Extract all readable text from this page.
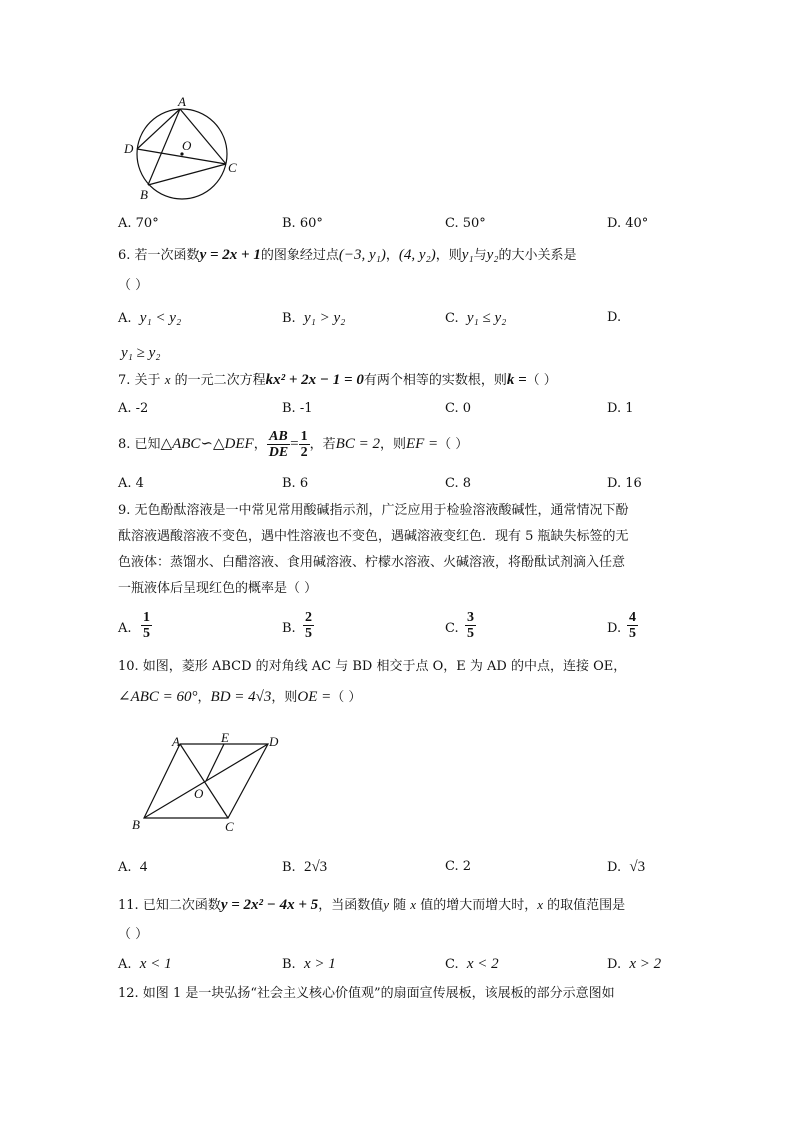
A
D	O
C
B
A. 70°	B. 60°	C. 50°	D. 40°
6. 若一次函数y = 2x + 1的图象经过点(−3, y₁)，(4, y₂)，则y₁与y₂的大小关系是
（ ）
A. y₁ < y₂	B. y₁ > y₂	C. y₁ ≤ y₂	D.
y₁ ≥ y₂
7. 关于 x 的一元二次方程kx² + 2x − 1 = 0有两个相等的实数根，则k =（ ）
A. -2	B. -1	C. 0	D. 1
8. 已知△ABC∽△DEF， $\frac{AB}{DE} = \frac{1}{2}$ ，若BC = 2，则EF =（ ）
A. 4	B. 6	C. 8	D. 16
9. 无色酚酞溶液是一中常见常用酸碱指示剂，广泛应用于检验溶液酸碱性，通常情况下酚
酞溶液遇酸溶液不变色，遇中性溶液也不变色，遇碱溶液变红色．现有 5 瓶缺失标签的无
色液体：蒸馏水、白醋溶液、食用碱溶液、柠檬水溶液、火碱溶液，将酚酞试剂滴入任意
一瓶液体后呈现红色的概率是（ ）
A. $\frac{1}{5}$	B. $\frac{2}{5}$	C. $\frac{3}{5}$	D. $\frac{4}{5}$
10. 如图，菱形 ABCD 的对角线 AC 与 BD 相交于点 O，E 为 AD 的中点，连接 OE，
∠ABC = 60°，BD = 4√3，则OE =（ ）
A	E	D
O
B	C
A. 4	B. 2√3	C. 2	D. √3
11. 已知二次函数y = 2x² − 4x + 5，当函数值y 随 x 值的增大而增大时，x 的取值范围是
（ ）
A. x < 1	B. x > 1	C. x < 2	D. x > 2
12. 如图 1 是一块弘扬“社会主义核心价值观”的扇面宣传展板，该展板的部分示意图如
